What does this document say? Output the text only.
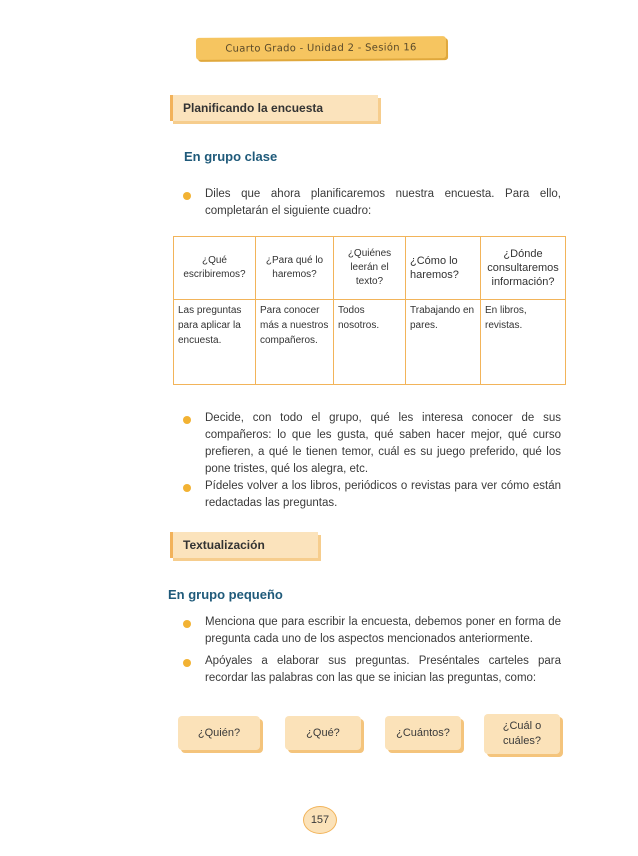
Cuarto Grado - Unidad 2 - Sesión 16
Planificando la encuesta
En grupo clase
Diles que ahora planificaremos nuestra encuesta. Para ello, completarán el siguiente cuadro:
¿Qué escribiremos?	¿Para qué lo haremos?	¿Quiénes leerán el texto?	¿Cómo lo haremos?	¿Dónde consultaremos información?
Las preguntas para aplicar la encuesta.	Para conocer más a nuestros compañeros.	Todos nosotros.	Trabajando en pares.	En libros, revistas.
Decide, con todo el grupo, qué les interesa conocer de sus compañeros: lo que les gusta, qué saben hacer mejor, qué curso prefieren, a qué le tienen temor, cuál es su juego preferido, qué los pone tristes, qué los alegra, etc.
Pídeles volver a los libros, periódicos o revistas para ver cómo están redactadas las preguntas.
Textualización
En grupo pequeño
Menciona que para escribir la encuesta, debemos poner en forma de pregunta cada uno de los aspectos mencionados anteriormente.
Apóyales a elaborar sus preguntas. Preséntales carteles para recordar las palabras con las que se inician las preguntas, como:
¿Quién?	¿Qué?	¿Cuántos?
¿Cuál o cuáles?
157
